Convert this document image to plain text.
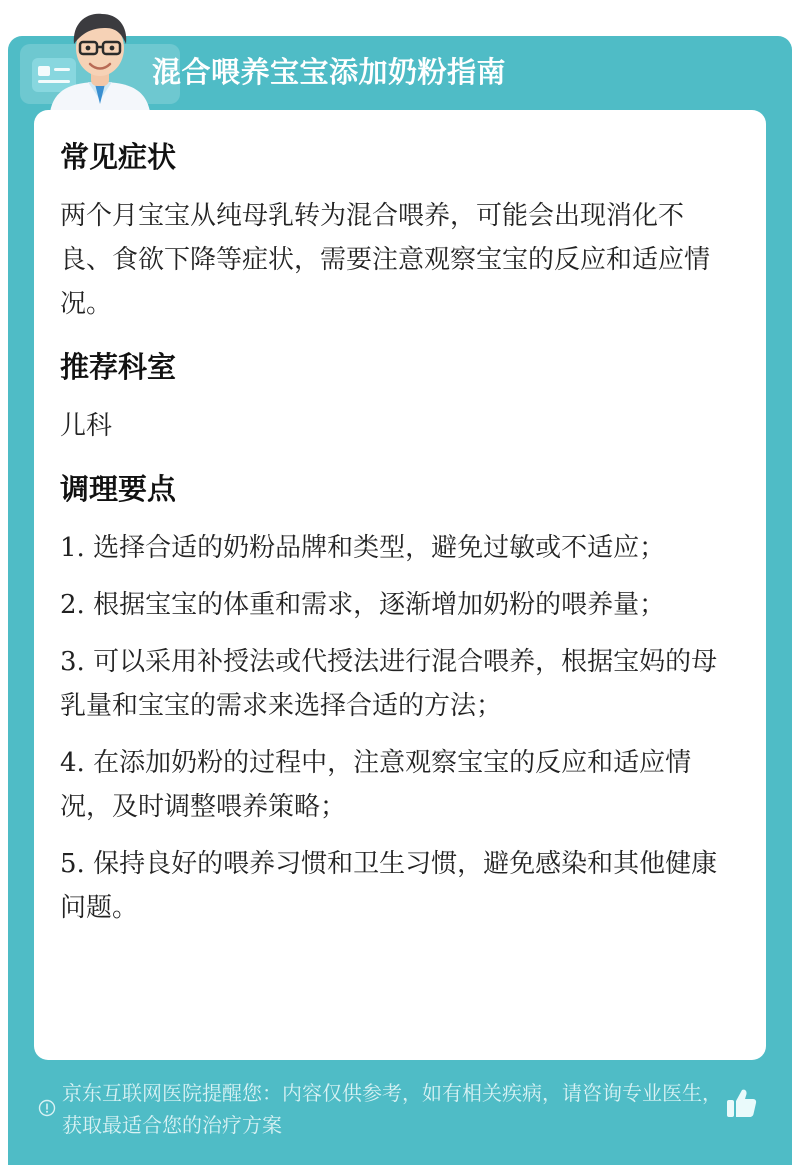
混合喂养宝宝添加奶粉指南
常见症状

两个月宝宝从纯母乳转为混合喂养，可能会出现消化不良、食欲下降等症状，需要注意观察宝宝的反应和适应情况。

推荐科室

儿科

调理要点
1. 选择合适的奶粉品牌和类型，避免过敏或不适应；
2. 根据宝宝的体重和需求，逐渐增加奶粉的喂养量；
3. 可以采用补授法或代授法进行混合喂养，根据宝妈的母乳量和宝宝的需求来选择合适的方法；
4. 在添加奶粉的过程中，注意观察宝宝的反应和适应情况，及时调整喂养策略；
5. 保持良好的喂养习惯和卫生习惯，避免感染和其他健康问题。
京东互联网医院提醒您：内容仅供参考，如有相关疾病，请咨询专业医生，获取最适合您的治疗方案
